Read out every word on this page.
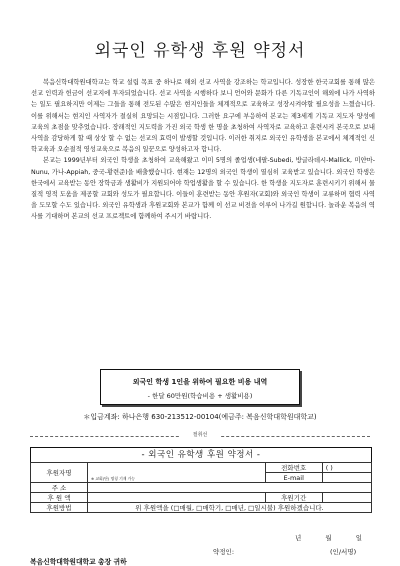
외국인 유학생 후원 약정서

복음신학대학원대학교는 학교 설립 목표 중 하나로 해외 선교 사역을 강조하는 학교입니다. 성장한 한국교회를 통해 많은 선교 인력과 헌금이 선교지에 투자되었습니다. 선교 사역을 시행하다 보니 언어와 문화가 다른 기독교인이 해외에 나가 사역하는 일도 필요하지만 이제는 그들을 통해 전도된 수많은 현지인들을 체계적으로 교육하고 성장시켜야할 필요성을 느꼈습니다. 이를 위해서는 현지인 사역자가 절실히 요망되는 시점입니다. 그러한 요구에 부응하여 본교는 제3세계 기독교 지도자 양성에 교육의 초점을 맞추었습니다. 장래적인 지도력을 가진 외국 학생 한 명을 초청하여 사역자로 교육하고 훈련시켜 본국으로 보내 사역을 감당하게 할 때 상상 할 수 없는 선교의 효력이 발생할 것입니다. 이러한 취지로 외국인 유학생을 본교에서 체계적인 신학교육과 오순절적 영성교육으로 복음의 일꾼으로 양성하고자 합니다.

본교는 1999년부터 외국인 학생을 초청하여 교육해왔고 이미 5명의 졸업생(네팔-Subedi, 방글라데시-Mallick, 미얀마-Nunu, 가나-Appiah, 중국-황련준)을 배출했습니다. 현재는 12명의 외국인 학생이 열심히 교육받고 있습니다. 외국인 학생은 한국에서 교육받는 동안 장학금과 생활비가 지원되어야 학업생활을 할 수 있습니다. 한 학생을 지도자로 훈련시키기 위해서 물질적 영적 도움을 제공할 교회와 성도가 필요합니다. 이들이 훈련받는 동안 후원자(교회)와 외국인 학생이 교류하며 협력 사역을 도모할 수도 있습니다. 외국인 유학생과 후원교회와 본교가 함께 이 선교 비전을 이루어 나가길 원합니다. 놀라운 복음의 역사를 기대하며 본교의 선교 프로젝트에 함께하여 주시기 바랍니다.

외국인 학생 1인을 위하여 필요한 비용 내역
- 한달 60만원(학습비용 + 생활비용)
＊입금계좌: 하나은행 630-213512-00104(예금주: 복음신학대학원대학교)
절취선
- 외국인 유학생 후원 약정서 -
후원자명	※ 교회(단) 명칭 기재 가능	전화번호	( )
		E-mail	
주 소			
후 원 액		후원기간	
후원방법	위 후원액을 (□매월, □매학기, □매년, □일시불) 후원하겠습니다.		
년 월 일
약정인:	(인/서명)
복음신학대학원대학교 총장 귀하
